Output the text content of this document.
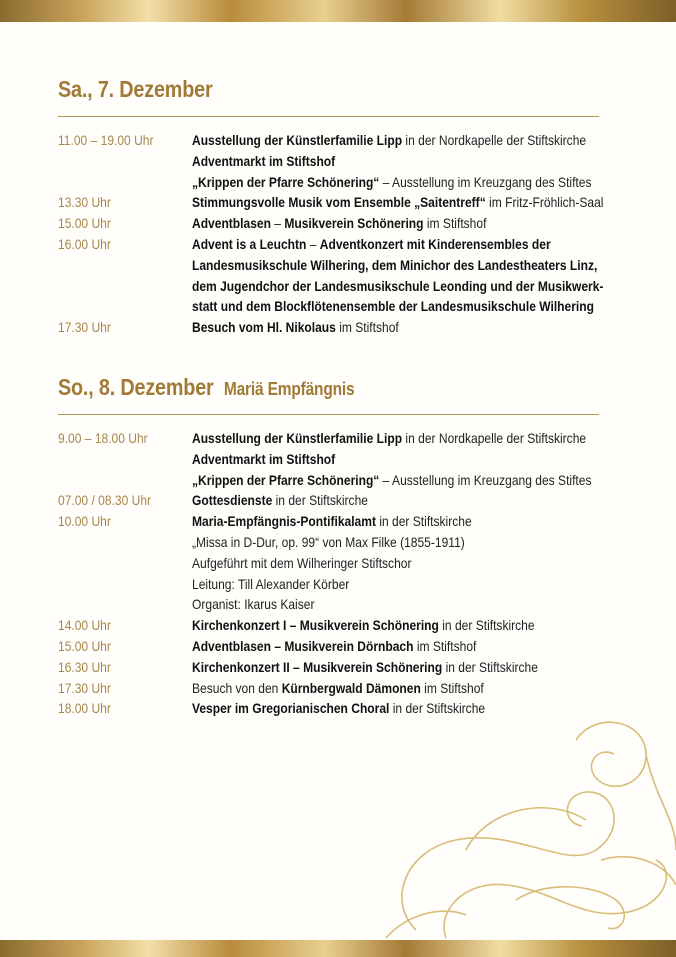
Sa., 7. Dezember
11.00 – 19.00 Uhr	Ausstellung der Künstlerfamilie Lipp in der Nordkapelle der Stiftskirche
Adventmarkt im Stiftshof
„Krippen der Pfarre Schönering“ – Ausstellung im Kreuzgang des Stiftes
13.30 Uhr	Stimmungsvolle Musik vom Ensemble „Saitentreff“ im Fritz-Fröhlich-Saal
15.00 Uhr	Adventblasen – Musikverein Schönering im Stiftshof
16.00 Uhr	Advent is a Leuchtn – Adventkonzert mit Kinderensembles der
Landesmusikschule Wilhering, dem Minichor des Landestheaters Linz,
dem Jugendchor der Landesmusikschule Leonding und der Musikwerk-
statt und dem Blockflötenensemble der Landesmusikschule Wilhering
17.30 Uhr	Besuch vom Hl. Nikolaus im Stiftshof
So., 8. Dezember Mariä Empfängnis
9.00 – 18.00 Uhr	Ausstellung der Künstlerfamilie Lipp in der Nordkapelle der Stiftskirche
Adventmarkt im Stiftshof
„Krippen der Pfarre Schönering“ – Ausstellung im Kreuzgang des Stiftes
07.00 / 08.30 Uhr	Gottesdienste in der Stiftskirche
10.00 Uhr	Maria-Empfängnis-Pontifikalamt in der Stiftskirche
„Missa in D-Dur, op. 99“ von Max Filke (1855-1911)
Aufgeführt mit dem Wilheringer Stiftschor
Leitung: Till Alexander Körber
Organist: Ikarus Kaiser
14.00 Uhr	Kirchenkonzert I – Musikverein Schönering in der Stiftskirche
15.00 Uhr	Adventblasen – Musikverein Dörnbach im Stiftshof
16.30 Uhr	Kirchenkonzert II – Musikverein Schönering in der Stiftskirche
17.30 Uhr	Besuch von den Kürnbergwald Dämonen im Stiftshof
18.00 Uhr	Vesper im Gregorianischen Choral in der Stiftskirche
